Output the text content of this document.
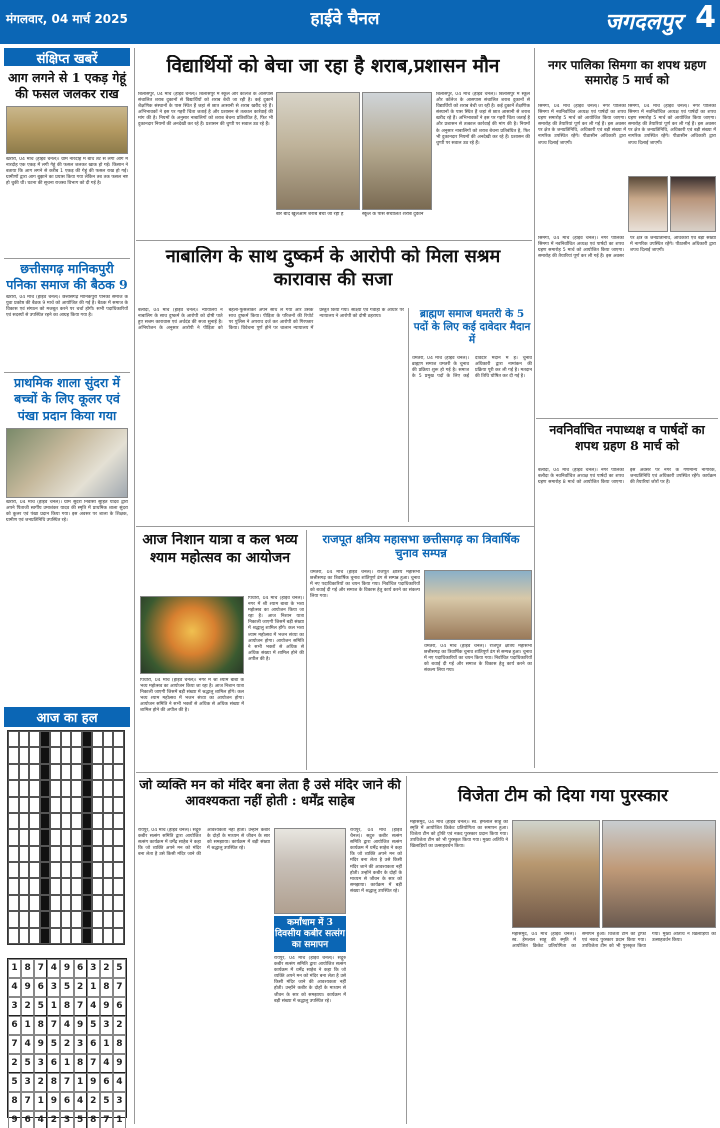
मंगलवार, 04 मार्च 2025	हाईवे चैनल	जगदलपुर 4
संक्षिप्त खबरें
आग लगने से 1 एकड़ गेहूं की फसल जलकर राख
खरोरा, 04 मार्च (हाईवे चैनल)। ग्राम नारदीह में बांध तट से लगी आग में नारदोह एक एकड़ में लगी गेहूं की फसल जलकर खाक हो गई। किसान ने बताया कि आग लगने से करीब 1 एकड़ की गेहूं की फसल राख हो गई। ग्रामीणों द्वारा आग बुझाने का प्रयास किया गया लेकिन तब तक फसल नष्ट हो चुकी थी। घटना की सूचना राजस्व विभाग को दी गई है।
छत्तीसगढ़ मानिकपुरी पनिका समाज की बैठक 9
खरोरा, 04 मार्च (हाईवे चैनल)। छत्तीसगढ़ मानिकपुरी पनिका समाज के युवा प्रकोष्ठ की बैठक 9 मार्च को आयोजित की गई है। बैठक में समाज के विकास एवं संगठन को मजबूत करने पर चर्चा होगी। सभी पदाधिकारियों एवं सदस्यों से उपस्थित रहने का आग्रह किया गया है।
प्राथमिक शाला सुंदरा में बच्चों के लिए कूलर एवं पंखा प्रदान किया गया
खरोरा, 04 मार्च (हाईवे चैनल)। ग्राम सुंदरा निवासी सुहित यादव द्वारा अपने पिताजी स्वर्गीय उमाशंकर यादव की स्मृति में प्राथमिक शाला सुंदरा को कूलर एवं पंखा प्रदान किया गया। इस अवसर पर शाला के शिक्षक, ग्रामीण एवं जनप्रतिनिधि उपस्थित रहे।
आज का हल
1 8 7 4 9 6 3 2 5
4 9 6 3 5 2 1 8 7
3 2 5 1 8 7 4 9 6
6 1 8 7 4 9 5 3 2
7 4 9 5 2 3 6 1 8
2 5 3 6 1 8 7 4 9
5 3 2 8 7 1 9 6 4
8 7 1 9 6 4 2 5 3
9 6 4 2 3 5 8 7 1
विद्यार्थियों को बेचा जा रहा है शराब,प्रशासन मौन
बिलासपुर, 04 मार्च (हाईवे चैनल)। बिलासपुर में स्कूल और कॉलेज के आसपास संचालित शराब दुकानों से विद्यार्थियों को शराब बेची जा रही है। कई दुकानें शैक्षणिक संस्थानों के पास स्थित हैं जहां से छात्र आसानी से शराब खरीद रहे हैं। अभिभावकों ने इस पर गहरी चिंता जताई है और प्रशासन से तत्काल कार्रवाई की मांग की है। नियमों के अनुसार नाबालिगों को शराब बेचना प्रतिबंधित है, फिर भी दुकानदार नियमों की अनदेखी कर रहे हैं। प्रशासन की चुप्पी पर सवाल उठ रहे हैं।
बार बाद खुलेआम शराब बेची जा रही है	स्कूल के पास संचालित शराब दुकान
बिलासपुर, 04 मार्च (हाईवे चैनल)। बिलासपुर में स्कूल और कॉलेज के आसपास संचालित शराब दुकानों से विद्यार्थियों को शराब बेची जा रही है। कई दुकानें शैक्षणिक संस्थानों के पास स्थित हैं जहां से छात्र आसानी से शराब खरीद रहे हैं। अभिभावकों ने इस पर गहरी चिंता जताई है और प्रशासन से तत्काल कार्रवाई की मांग की है। नियमों के अनुसार नाबालिगों को शराब बेचना प्रतिबंधित है, फिर भी दुकानदार नियमों की अनदेखी कर रहे हैं। प्रशासन की चुप्पी पर सवाल उठ रहे हैं।
नगर पालिका सिमगा का शपथ ग्रहण समारोह 5 मार्च को
सिमगा, 04 मार्च (हाईवे चैनल)। नगर पालिका सिमगा में नवनिर्वाचित अध्यक्ष एवं पार्षदों का शपथ ग्रहण समारोह 5 मार्च को आयोजित किया जाएगा। समारोह की तैयारियां पूर्ण कर ली गई हैं। इस अवसर पर क्षेत्र के जनप्रतिनिधि, अधिकारी एवं बड़ी संख्या में नागरिक उपस्थित रहेंगे। पीठासीन अधिकारी द्वारा शपथ दिलाई जाएगी।
सिमगा, 04 मार्च (हाईवे चैनल)। नगर पालिका सिमगा में नवनिर्वाचित अध्यक्ष एवं पार्षदों का शपथ ग्रहण समारोह 5 मार्च को आयोजित किया जाएगा। समारोह की तैयारियां पूर्ण कर ली गई हैं। इस अवसर पर क्षेत्र के जनप्रतिनिधि, अधिकारी एवं बड़ी संख्या में नागरिक उपस्थित रहेंगे। पीठासीन अधिकारी द्वारा शपथ दिलाई जाएगी।
सिमगा, 04 मार्च (हाईवे चैनल)। नगर पालिका सिमगा में नवनिर्वाचित अध्यक्ष एवं पार्षदों का शपथ ग्रहण समारोह 5 मार्च को आयोजित किया जाएगा। समारोह की तैयारियां पूर्ण कर ली गई हैं। इस अवसर पर क्षेत्र के जनप्रतिनिधि, अधिकारी एवं बड़ी संख्या में नागरिक उपस्थित रहेंगे। पीठासीन अधिकारी द्वारा शपथ दिलाई जाएगी।
नाबालिग के साथ दुष्कर्म के आरोपी को मिला सश्रम कारावास की सजा
बलौदा, 04 मार्च (हाईवे चैनल)। न्यायालय ने नाबालिग के साथ दुष्कर्म के आरोपी को दोषी पाते हुए सश्रम कारावास एवं अर्थदंड की सजा सुनाई है। अभियोजन के अनुसार आरोपी ने पीड़िता को बहला-फुसलाकर अपने साथ ले गया और उसके साथ दुष्कर्म किया। पीड़िता के परिजनों की रिपोर्ट पर पुलिस ने अपराध दर्ज कर आरोपी को गिरफ्तार किया। विवेचना पूर्ण होने पर चालान न्यायालय में प्रस्तुत किया गया। साक्ष्यों एवं गवाहों के आधार पर न्यायालय ने आरोपी को दोषी ठहराया।	ब्राह्मण समाज धमतरी के 5 पदों के लिए कई दावेदार मैदान में
धमतरी, 04 मार्च (हाईवे चैनल)। ब्राह्मण समाज धमतरी के चुनाव की प्रक्रिया शुरू हो गई है। समाज के 5 प्रमुख पदों के लिए कई दावेदार मैदान में हैं। चुनाव अधिकारी द्वारा नामांकन की प्रक्रिया पूरी कर ली गई है। मतदान की तिथि घोषित कर दी गई है।
नवनिर्वाचित नपाध्यक्ष व पार्षदों का शपथ ग्रहण 8 मार्च को
बलौदा, 04 मार्च (हाईवे चैनल)। नगर पालिका बलौदा के नवनिर्वाचित अध्यक्ष एवं पार्षदों का शपथ ग्रहण समारोह 8 मार्च को आयोजित किया जाएगा। इस अवसर पर नगर के गणमान्य नागरिक, जनप्रतिनिधि एवं अधिकारी उपस्थित रहेंगे। कार्यक्रम की तैयारियां जोरों पर हैं।
आज निशान यात्रा व कल भव्य श्याम महोत्सव का आयोजन
पिथौरा, 04 मार्च (हाईवे चैनल)। नगर में श्री श्याम बाबा के भव्य महोत्सव का आयोजन किया जा रहा है। आज निशान यात्रा निकाली जाएगी जिसमें बड़ी संख्या में श्रद्धालु शामिल होंगे। कल भव्य श्याम महोत्सव में भजन संध्या का आयोजन होगा। आयोजन समिति ने सभी भक्तों से अधिक से अधिक संख्या में शामिल होने की अपील की है।
पिथौरा, 04 मार्च (हाईवे चैनल)। नगर में श्री श्याम बाबा के भव्य महोत्सव का आयोजन किया जा रहा है। आज निशान यात्रा निकाली जाएगी जिसमें बड़ी संख्या में श्रद्धालु शामिल होंगे। कल भव्य श्याम महोत्सव में भजन संध्या का आयोजन होगा। आयोजन समिति ने सभी भक्तों से अधिक से अधिक संख्या में शामिल होने की अपील की है।
राजपूत क्षत्रिय महासभा छत्तीसगढ़ का त्रिवार्षिक चुनाव सम्पन्न
धमतरी, 04 मार्च (हाईवे चैनल)। राजपूत क्षत्रिय महासभा छत्तीसगढ़ का त्रिवार्षिक चुनाव शांतिपूर्ण ढंग से सम्पन्न हुआ। चुनाव में नए पदाधिकारियों का चयन किया गया। निर्वाचित पदाधिकारियों को बधाई दी गई और समाज के विकास हेतु कार्य करने का संकल्प लिया गया।
धमतरी, 04 मार्च (हाईवे चैनल)। राजपूत क्षत्रिय महासभा छत्तीसगढ़ का त्रिवार्षिक चुनाव शांतिपूर्ण ढंग से सम्पन्न हुआ। चुनाव में नए पदाधिकारियों का चयन किया गया। निर्वाचित पदाधिकारियों को बधाई दी गई और समाज के विकास हेतु कार्य करने का संकल्प लिया गया।
जो व्यक्ति मन को मंदिर बना लेता है उसे मंदिर जाने की आवश्यकता नहीं होती : धर्मेंद्र साहेब
रायपुर, 04 मार्च (हाईवे चैनल)। सद्गुरु कबीर सत्संग समिति द्वारा आयोजित सत्संग कार्यक्रम में धर्मेंद्र साहेब ने कहा कि जो व्यक्ति अपने मन को मंदिर बना लेता है उसे किसी मंदिर जाने की आवश्यकता नहीं होती। उन्होंने कबीर के दोहों के माध्यम से जीवन के सार को समझाया। कार्यक्रम में बड़ी संख्या में श्रद्धालु उपस्थित रहे।
कर्मांधाम में 3 दिवसीय कबीर सत्संग का समापन
रायपुर, 04 मार्च (हाईवे चैनल)। सद्गुरु कबीर सत्संग समिति द्वारा आयोजित सत्संग कार्यक्रम में धर्मेंद्र साहेब ने कहा कि जो व्यक्ति अपने मन को मंदिर बना लेता है उसे किसी मंदिर जाने की आवश्यकता नहीं होती। उन्होंने कबीर के दोहों के माध्यम से जीवन के सार को समझाया। कार्यक्रम में बड़ी संख्या में श्रद्धालु उपस्थित रहे।
रायपुर, 04 मार्च (हाईवे चैनल)। सद्गुरु कबीर सत्संग समिति द्वारा आयोजित सत्संग कार्यक्रम में धर्मेंद्र साहेब ने कहा कि जो व्यक्ति अपने मन को मंदिर बना लेता है उसे किसी मंदिर जाने की आवश्यकता नहीं होती। उन्होंने कबीर के दोहों के माध्यम से जीवन के सार को समझाया। कार्यक्रम में बड़ी संख्या में श्रद्धालु उपस्थित रहे।
विजेता टीम को दिया गया पुरस्कार
महासमुंद, 04 मार्च (हाईवे चैनल)। स्व. हेमलाल साहू की स्मृति में आयोजित क्रिकेट प्रतियोगिता का समापन हुआ। विजेता टीम को ट्रॉफी एवं नकद पुरस्कार प्रदान किया गया। उपविजेता टीम को भी पुरस्कृत किया गया। मुख्य अतिथि ने खिलाड़ियों का उत्साहवर्धन किया।
महासमुंद, 04 मार्च (हाईवे चैनल)। स्व. हेमलाल साहू की स्मृति में आयोजित क्रिकेट प्रतियोगिता का समापन हुआ। विजेता टीम को ट्रॉफी एवं नकद पुरस्कार प्रदान किया गया। उपविजेता टीम को भी पुरस्कृत किया गया। मुख्य अतिथि ने खिलाड़ियों का उत्साहवर्धन किया।
